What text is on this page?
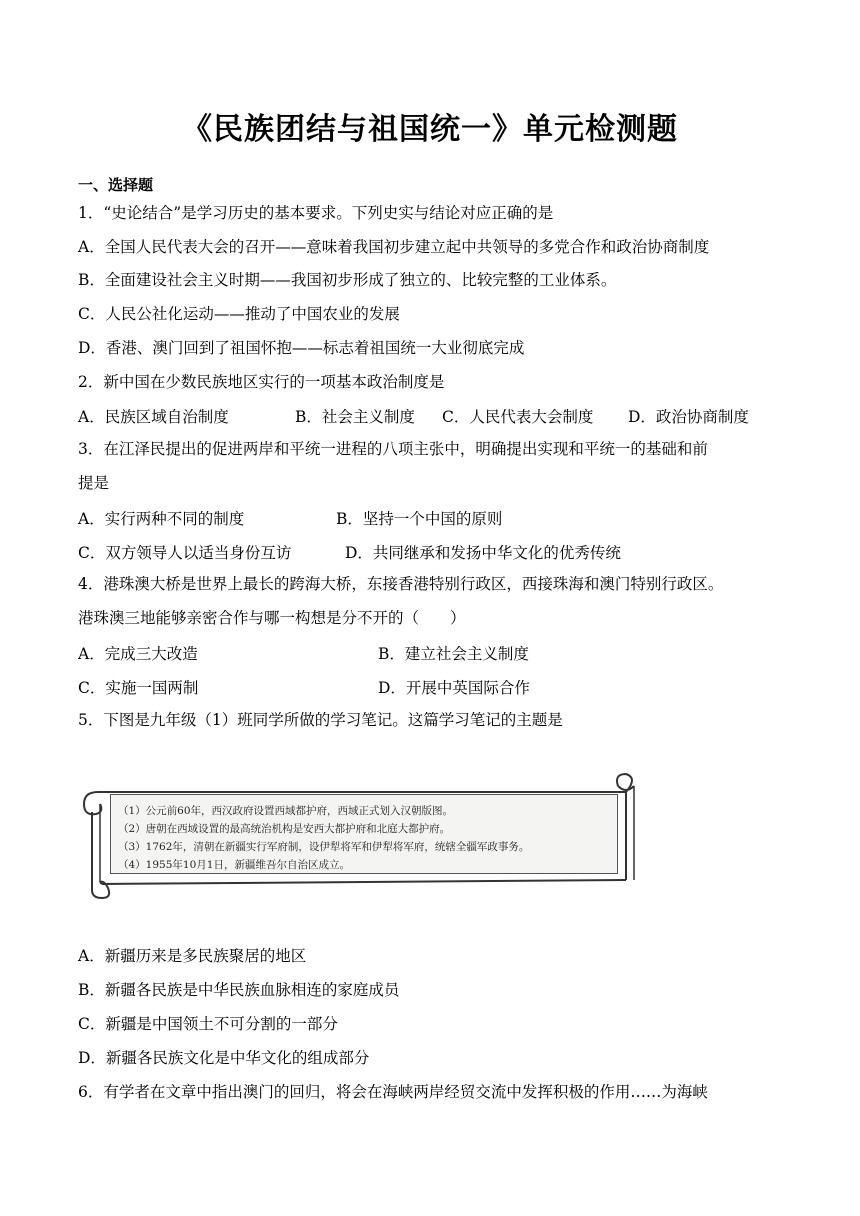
《民族团结与祖国统一》单元检测题
一、选择题
1．“史论结合”是学习历史的基本要求。下列史实与结论对应正确的是
A．全国人民代表大会的召开——意味着我国初步建立起中共领导的多党合作和政治协商制度
B．全面建设社会主义时期——我国初步形成了独立的、比较完整的工业体系。
C．人民公社化运动——推动了中国农业的发展
D．香港、澳门回到了祖国怀抱——标志着祖国统一大业彻底完成
2．新中国在少数民族地区实行的一项基本政治制度是
A．民族区域自治制度	B．社会主义制度 C．人民代表大会制度 D．政治协商制度
3．在江泽民提出的促进两岸和平统一进程的八项主张中，明确提出实现和平统一的基础和前
提是
A．实行两种不同的制度	B．坚持一个中国的原则
C．双方领导人以适当身份互访	D．共同继承和发扬中华文化的优秀传统
4．港珠澳大桥是世界上最长的跨海大桥，东接香港特别行政区，西接珠海和澳门特别行政区。
港珠澳三地能够亲密合作与哪一构想是分不开的（　　）
A．完成三大改造	B．建立社会主义制度
C．实施一国两制	D．开展中英国际合作
5．下图是九年级（1）班同学所做的学习笔记。这篇学习笔记的主题是
（1）公元前60年，西汉政府设置西域都护府，西域正式划入汉朝版图。
（2）唐朝在西域设置的最高统治机构是安西大都护府和北庭大都护府。
（3）1762年，清朝在新疆实行军府制，设伊犁将军和伊犁将军府，统辖全疆军政事务。
（4）1955年10月1日，新疆维吾尔自治区成立。
A．新疆历来是多民族聚居的地区
B．新疆各民族是中华民族血脉相连的家庭成员
C．新疆是中国领土不可分割的一部分
D．新疆各民族文化是中华文化的组成部分
6．有学者在文章中指出澳门的回归，将会在海峡两岸经贸交流中发挥积极的作用……为海峡
